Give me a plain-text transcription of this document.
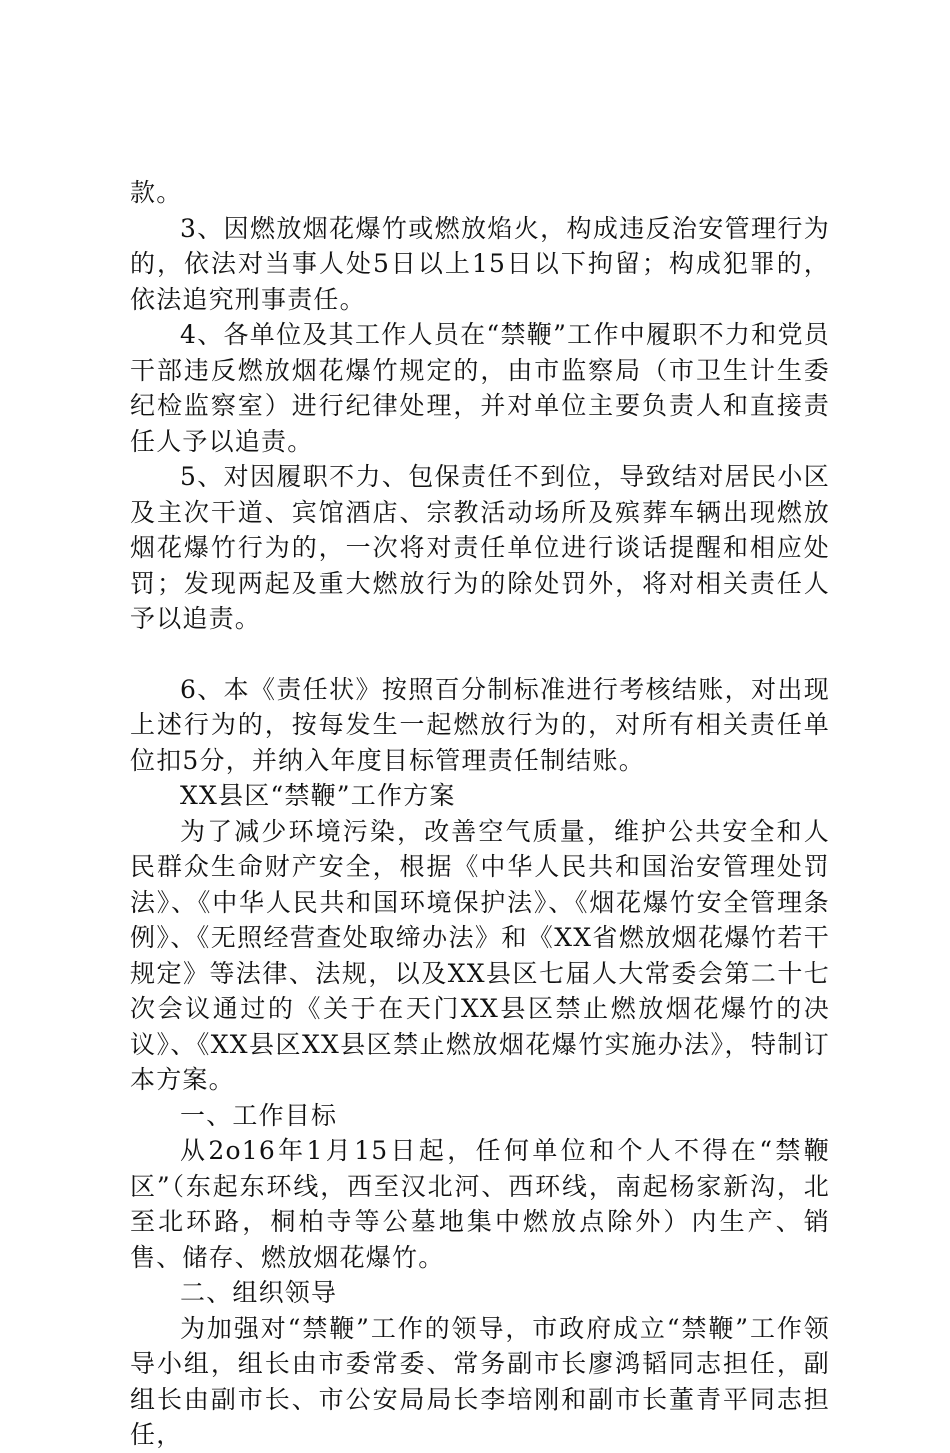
款。

3、因燃放烟花爆竹或燃放焰火，构成违反治安管理行为的，依法对当事人处5日以上15日以下拘留；构成犯罪的，依法追究刑事责任。

4、各单位及其工作人员在“禁鞭”工作中履职不力和党员干部违反燃放烟花爆竹规定的，由市监察局（市卫生计生委纪检监察室）进行纪律处理，并对单位主要负责人和直接责任人予以追责。

5、对因履职不力、包保责任不到位，导致结对居民小区及主次干道、宾馆酒店、宗教活动场所及殡葬车辆出现燃放烟花爆竹行为的，一次将对责任单位进行谈话提醒和相应处罚；发现两起及重大燃放行为的除处罚外，将对相关责任人予以追责。

6、本《责任状》按照百分制标准进行考核结账，对出现上述行为的，按每发生一起燃放行为的，对所有相关责任单位扣5分，并纳入年度目标管理责任制结账。

XX县区“禁鞭”工作方案

为了减少环境污染，改善空气质量，维护公共安全和人民群众生命财产安全，根据《中华人民共和国治安管理处罚法》、《中华人民共和国环境保护法》、《烟花爆竹安全管理条例》、《无照经营查处取缔办法》和《XX省燃放烟花爆竹若干规定》等法律、法规，以及XX县区七届人大常委会第二十七次会议通过的《关于在天门XX县区禁止燃放烟花爆竹的决议》、《XX县区XX县区禁止燃放烟花爆竹实施办法》，特制订本方案。

一、工作目标

从2o16年1月15日起，任何单位和个人不得在“禁鞭区”（东起东环线，西至汉北河、西环线，南起杨家新沟，北至北环路，桐柏寺等公墓地集中燃放点除外）内生产、销售、储存、燃放烟花爆竹。

二、组织领导

为加强对“禁鞭”工作的领导，市政府成立“禁鞭”工作领导小组，组长由市委常委、常务副市长廖鸿韬同志担任，副组长由副市长、市公安局局长李培刚和副市长董青平同志担任，
